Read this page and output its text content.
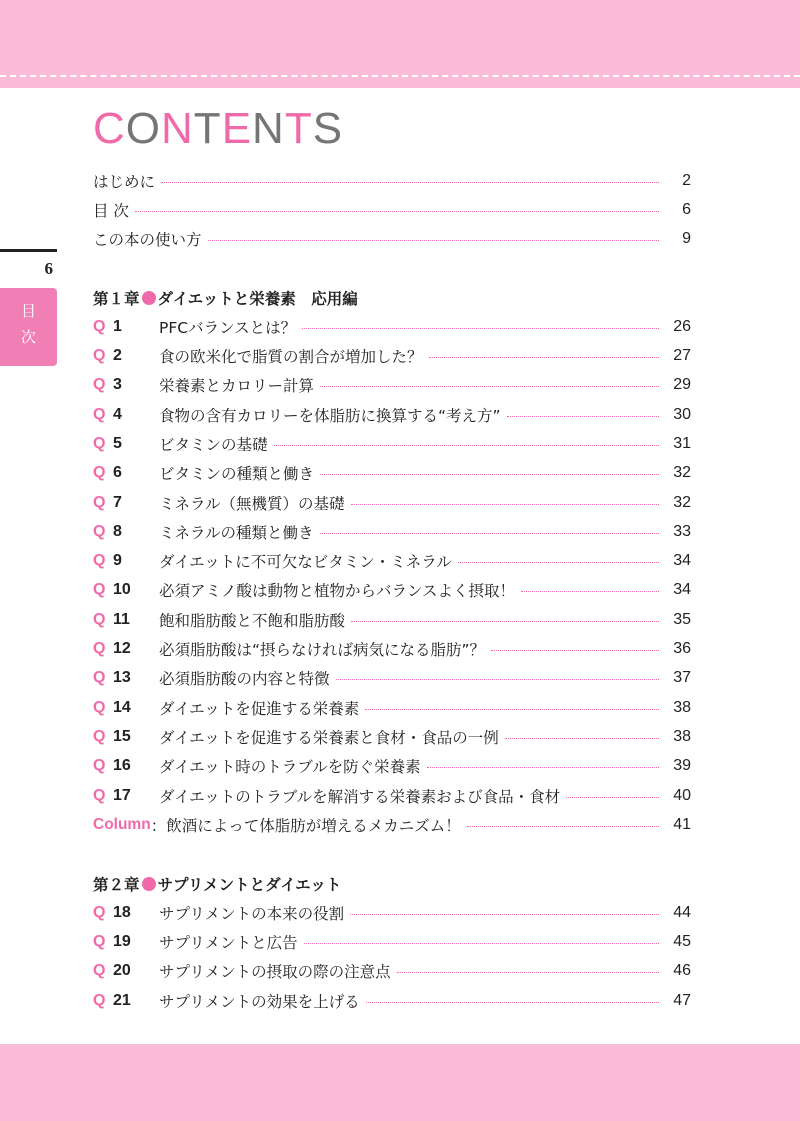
CONTENTS
6
目
次
はじめに	2
目 次	6
この本の使い方	9
第１章 ダイエットと栄養素　応用編
Q 1	PFCバランスとは？	26
Q 2	食の欧米化で脂質の割合が増加した？	27
Q 3	栄養素とカロリー計算	29
Q 4	食物の含有カロリーを体脂肪に換算する“考え方”	30
Q 5	ビタミンの基礎	31
Q 6	ビタミンの種類と働き	32
Q 7	ミネラル（無機質）の基礎	32
Q 8	ミネラルの種類と働き	33
Q 9	ダイエットに不可欠なビタミン・ミネラル	34
Q 10	必須アミノ酸は動物と植物からバランスよく摂取！	34
Q 11	飽和脂肪酸と不飽和脂肪酸	35
Q 12	必須脂肪酸は“摂らなければ病気になる脂肪”？	36
Q 13	必須脂肪酸の内容と特徴	37
Q 14	ダイエットを促進する栄養素	38
Q 15	ダイエットを促進する栄養素と食材・食品の一例	38
Q 16	ダイエット時のトラブルを防ぐ栄養素	39
Q 17	ダイエットのトラブルを解消する栄養素および食品・食材	40
Column ：飲酒によって体脂肪が増えるメカニズム！	41
第２章 サプリメントとダイエット
Q 18	サプリメントの本来の役割	44
Q 19	サプリメントと広告	45
Q 20	サプリメントの摂取の際の注意点	46
Q 21	サプリメントの効果を上げる	47
